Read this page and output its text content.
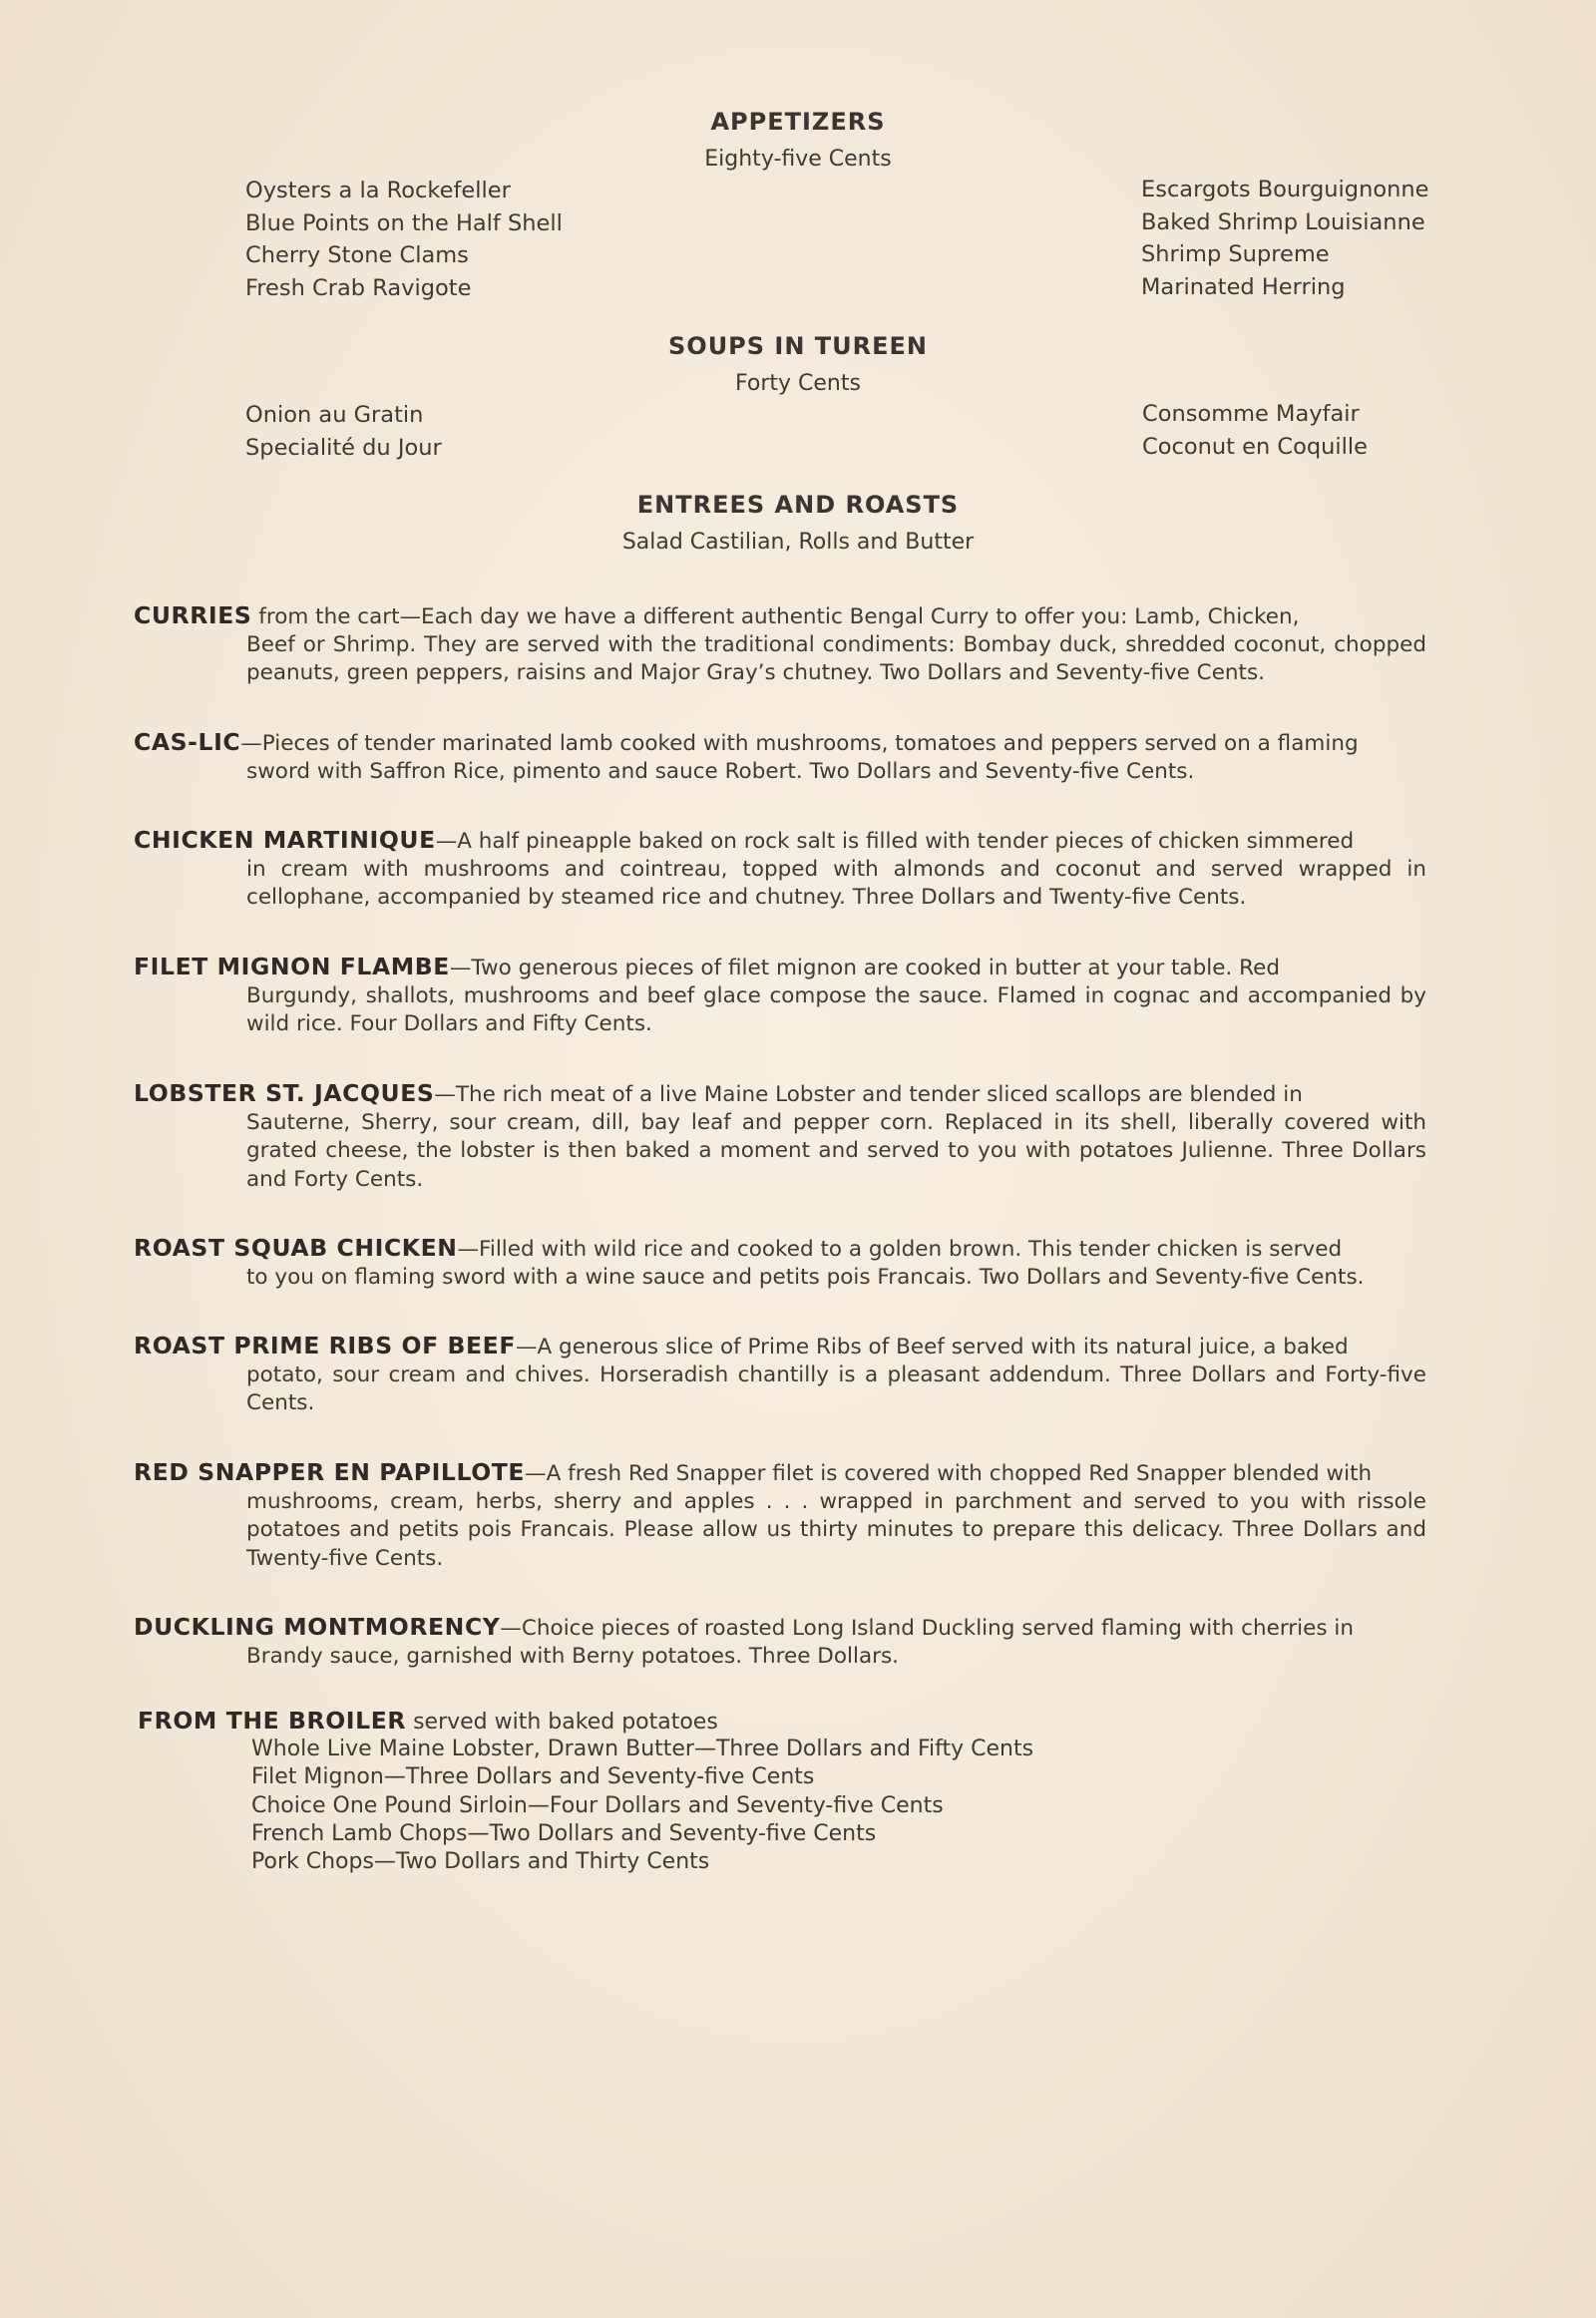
APPETIZERS
Eighty-five Cents
Oysters a la Rockefeller
Blue Points on the Half Shell
Cherry Stone Clams
Fresh Crab Ravigote
Escargots Bourguignonne
Baked Shrimp Louisianne
Shrimp Supreme
Marinated Herring
SOUPS IN TUREEN
Forty Cents
Onion au Gratin
Specialité du Jour
Consomme Mayfair
Coconut en Coquille
ENTREES AND ROASTS
Salad Castilian, Rolls and Butter
CURRIES from the cart—Each day we have a different authentic Bengal Curry to offer you: Lamb, Chicken,
Beef or Shrimp. They are served with the traditional condiments: Bombay duck, shredded coconut, chopped peanuts, green peppers, raisins and Major Gray’s chutney. Two Dollars and Seventy-five Cents.
CAS-LIC—Pieces of tender marinated lamb cooked with mushrooms, tomatoes and peppers served on a flaming
sword with Saffron Rice, pimento and sauce Robert. Two Dollars and Seventy-five Cents.
CHICKEN MARTINIQUE—A half pineapple baked on rock salt is filled with tender pieces of chicken simmered
in cream with mushrooms and cointreau, topped with almonds and coconut and served wrapped in cellophane, accompanied by steamed rice and chutney. Three Dollars and Twenty-five Cents.
FILET MIGNON FLAMBE—Two generous pieces of filet mignon are cooked in butter at your table. Red
Burgundy, shallots, mushrooms and beef glace compose the sauce. Flamed in cognac and accompanied by wild rice. Four Dollars and Fifty Cents.
LOBSTER ST. JACQUES—The rich meat of a live Maine Lobster and tender sliced scallops are blended in
Sauterne, Sherry, sour cream, dill, bay leaf and pepper corn. Replaced in its shell, liberally covered with grated cheese, the lobster is then baked a moment and served to you with potatoes Julienne. Three Dollars and Forty Cents.
ROAST SQUAB CHICKEN—Filled with wild rice and cooked to a golden brown. This tender chicken is served
to you on flaming sword with a wine sauce and petits pois Francais. Two Dollars and Seventy-five Cents.
ROAST PRIME RIBS OF BEEF—A generous slice of Prime Ribs of Beef served with its natural juice, a baked
potato, sour cream and chives. Horseradish chantilly is a pleasant addendum. Three Dollars and Forty-five Cents.
RED SNAPPER EN PAPILLOTE—A fresh Red Snapper filet is covered with chopped Red Snapper blended with
mushrooms, cream, herbs, sherry and apples . . . wrapped in parchment and served to you with rissole potatoes and petits pois Francais. Please allow us thirty minutes to prepare this delicacy. Three Dollars and Twenty-five Cents.
DUCKLING MONTMORENCY—Choice pieces of roasted Long Island Duckling served flaming with cherries in
Brandy sauce, garnished with Berny potatoes. Three Dollars.
FROM THE BROILER served with baked potatoes
Whole Live Maine Lobster, Drawn Butter—Three Dollars and Fifty Cents
Filet Mignon—Three Dollars and Seventy-five Cents
Choice One Pound Sirloin—Four Dollars and Seventy-five Cents
French Lamb Chops—Two Dollars and Seventy-five Cents
Pork Chops—Two Dollars and Thirty Cents
